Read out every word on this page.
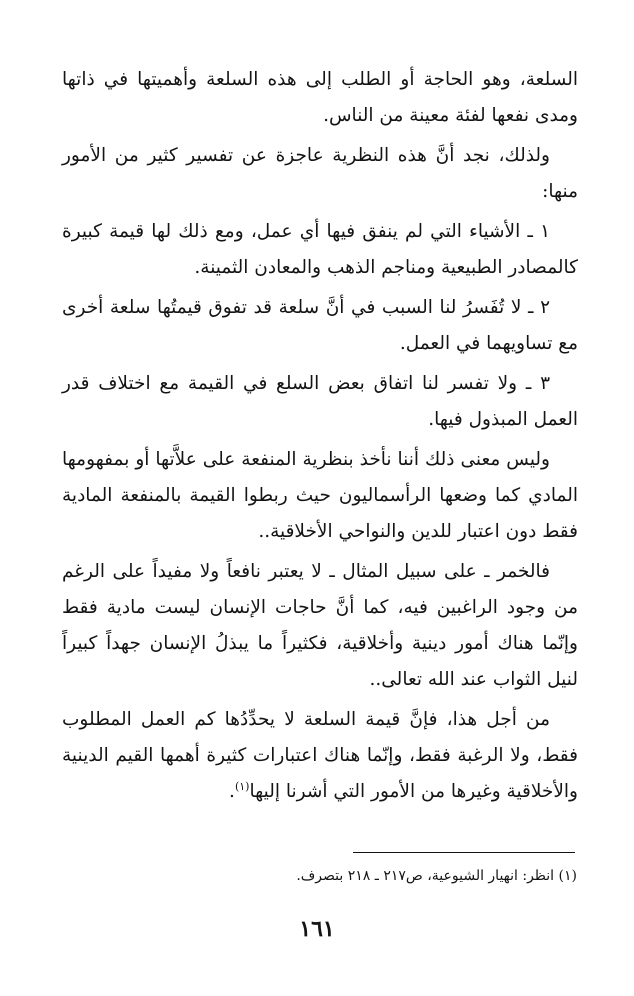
السلعة، وهو الحاجة أو الطلب إلى هذه السلعة وأهميتها في ذاتها ومدى نفعها لفئة معينة من الناس.

ولذلك، نجد أنَّ هذه النظرية عاجزة عن تفسير كثير من الأمور منها:

١ ـ الأشياء التي لم ينفق فيها أي عمل، ومع ذلك لها قيمة كبيرة كالمصادر الطبيعية ومناجم الذهب والمعادن الثمينة.

٢ ـ لا تُفَسرُ لنا السبب في أنَّ سلعة قد تفوق قيمتُها سلعة أخرى مع تساويهما في العمل.

٣ ـ ولا تفسر لنا اتفاق بعض السلع في القيمة مع اختلاف قدر العمل المبذول فيها.

وليس معنى ذلك أننا نأخذ بنظرية المنفعة على علاَّتها أو بمفهومها المادي كما وضعها الرأسماليون حيث ربطوا القيمة بالمنفعة المادية فقط دون اعتبار للدين والنواحي الأخلاقية..

فالخمر ـ على سبيل المثال ـ لا يعتبر نافعاً ولا مفيداً على الرغم من وجود الراغبين فيه، كما أنَّ حاجات الإنسان ليست مادية فقط وإنّما هناك أمور دينية وأخلاقية، فكثيراً ما يبذلُ الإنسان جهداً كبيراً لنيل الثواب عند الله تعالى..

من أجل هذا، فإنَّ قيمة السلعة لا يحدِّدُها كم العمل المطلوب فقط، ولا الرغبة فقط، وإنّما هناك اعتبارات كثيرة أهمها القيم الدينية والأخلاقية وغيرها من الأمور التي أشرنا إليها$^{(١)}$.

(١) انظر: انهيار الشيوعية، ص٢١٧ ـ ٢١٨ بتصرف.
١٦١
